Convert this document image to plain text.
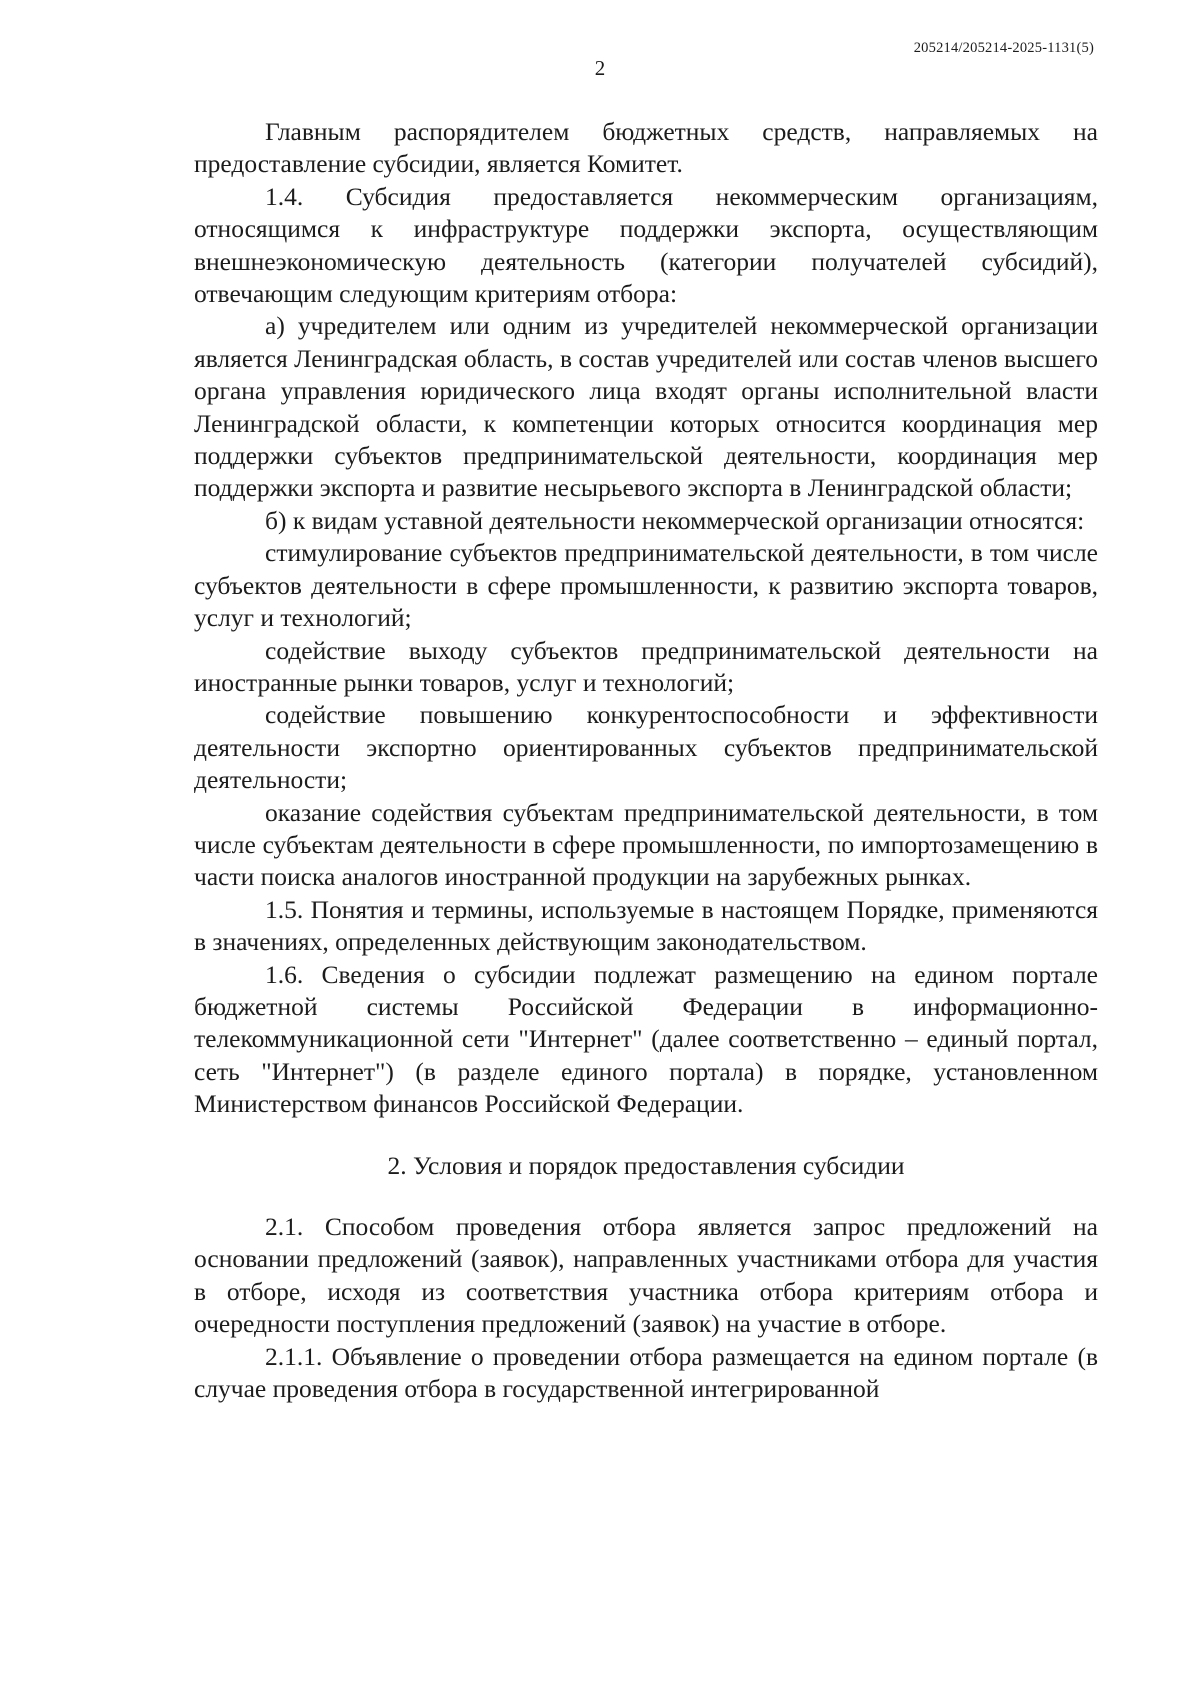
205214/205214-2025-1131(5)
2

Главным распорядителем бюджетных средств, направляемых на предоставление субсидии, является Комитет.

1.4. Субсидия предоставляется некоммерческим организациям, относящимся к инфраструктуре поддержки экспорта, осуществляющим внешнеэкономическую деятельность (категории получателей субсидий), отвечающим следующим критериям отбора:

а) учредителем или одним из учредителей некоммерческой организации является Ленинградская область, в состав учредителей или состав членов высшего органа управления юридического лица входят органы исполнительной власти Ленинградской области, к компетенции которых относится координация мер поддержки субъектов предпринимательской деятельности, координация мер поддержки экспорта и развитие несырьевого экспорта в Ленинградской области;

б) к видам уставной деятельности некоммерческой организации относятся:

стимулирование субъектов предпринимательской деятельности, в том числе субъектов деятельности в сфере промышленности, к развитию экспорта товаров, услуг и технологий;

содействие выходу субъектов предпринимательской деятельности на иностранные рынки товаров, услуг и технологий;

содействие повышению конкурентоспособности и эффективности деятельности экспортно ориентированных субъектов предпринимательской деятельности;

оказание содействия субъектам предпринимательской деятельности, в том числе субъектам деятельности в сфере промышленности, по импортозамещению в части поиска аналогов иностранной продукции на зарубежных рынках.

1.5. Понятия и термины, используемые в настоящем Порядке, применяются в значениях, определенных действующим законодательством.

1.6. Сведения о субсидии подлежат размещению на едином портале бюджетной системы Российской Федерации в информационно-телекоммуникационной сети "Интернет" (далее соответственно – единый портал, сеть "Интернет") (в разделе единого портала) в порядке, установленном Министерством финансов Российской Федерации.

2. Условия и порядок предоставления субсидии

2.1. Способом проведения отбора является запрос предложений на основании предложений (заявок), направленных участниками отбора для участия в отборе, исходя из соответствия участника отбора критериям отбора и очередности поступления предложений (заявок) на участие в отборе.

2.1.1. Объявление о проведении отбора размещается на едином портале (в случае проведения отбора в государственной интегрированной
